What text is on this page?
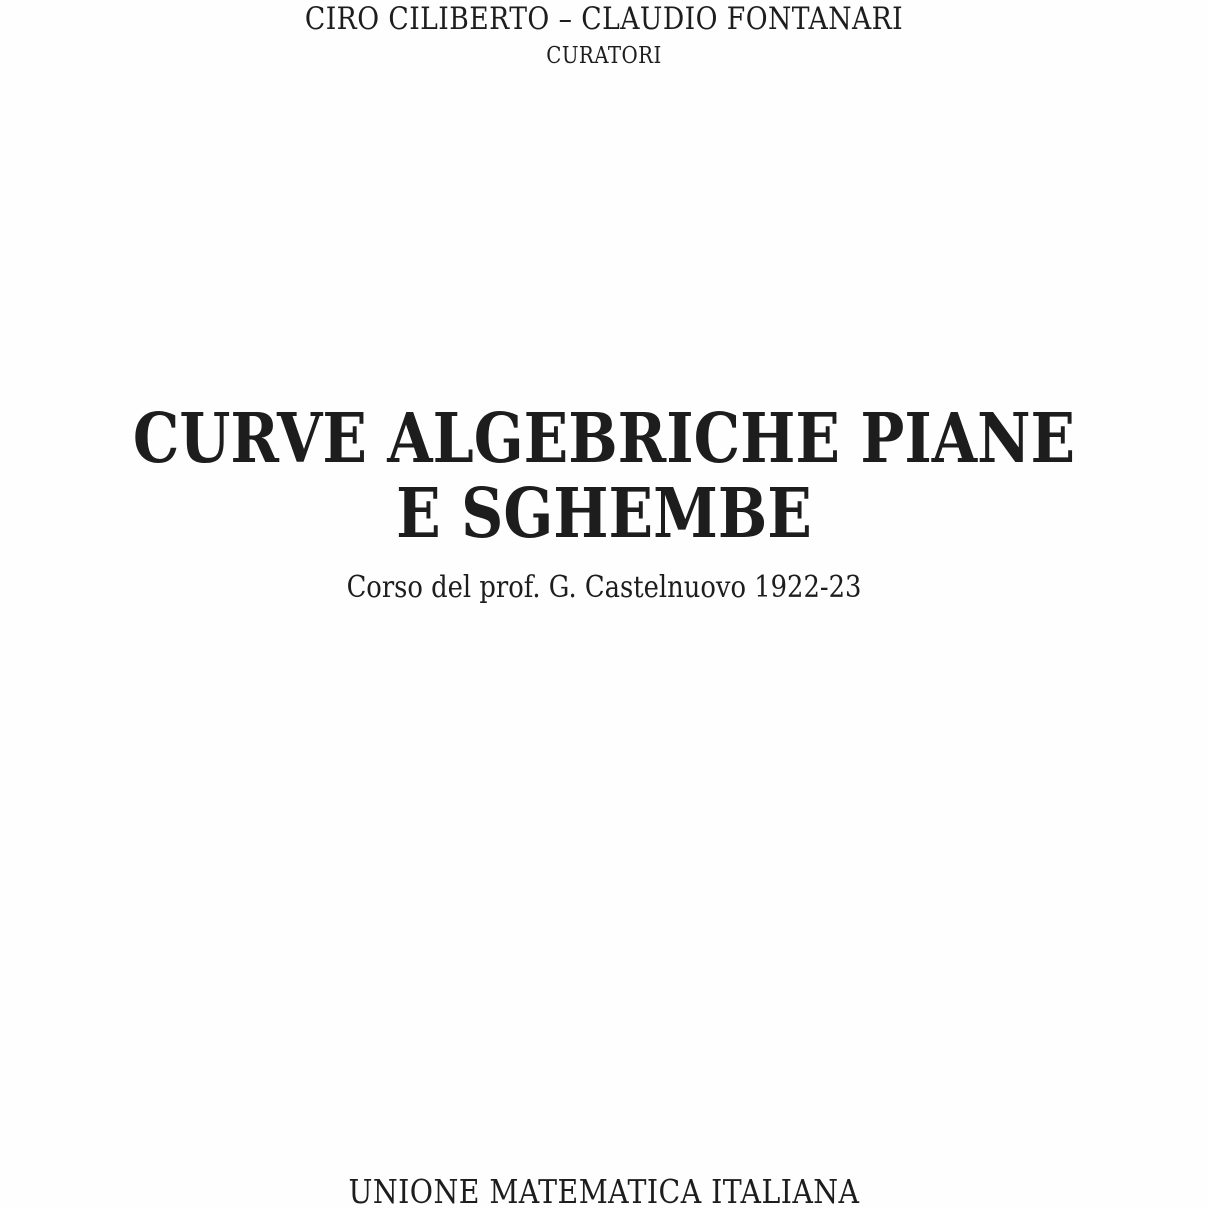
CIRO CILIBERTO – CLAUDIO FONTANARI
CURATORI
CURVE ALGEBRICHE PIANE
E SGHEMBE
Corso del prof. G. Castelnuovo 1922-23
UNIONE MATEMATICA ITALIANA
